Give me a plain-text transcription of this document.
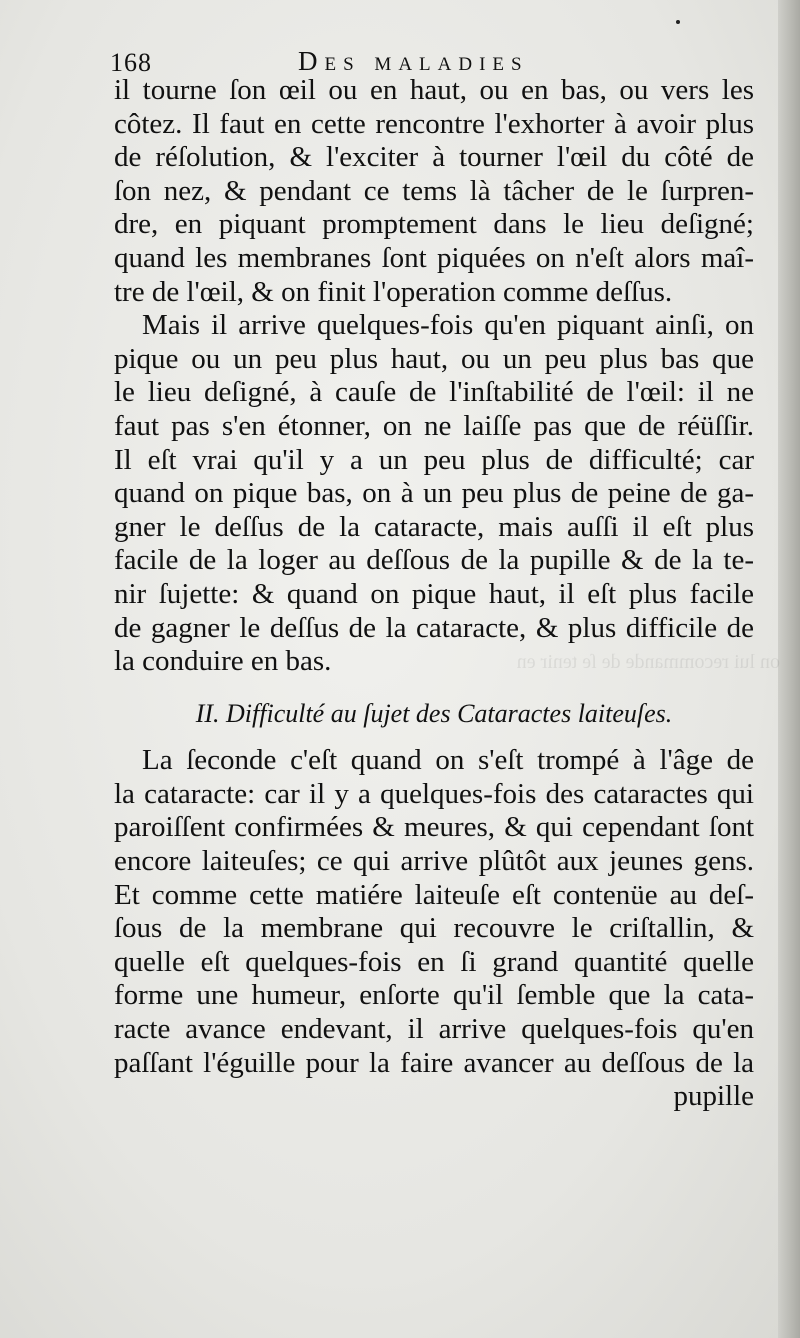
168	Des maladies
on lui recommande de ſe tenir en
il tourne ſon œil ou en haut, ou en bas, ou vers les
côtez. Il faut en cette rencontre l'exhorter à avoir plus
de réſolution, & l'exciter à tourner l'œil du côté de
ſon nez, & pendant ce tems là tâcher de le ſurpren-
dre, en piquant promptement dans le lieu deſigné;
quand les membranes ſont piquées on n'eſt alors maî-
tre de l'œil, & on finit l'operation comme deſſus.
Mais il arrive quelques-fois qu'en piquant ainſi, on
pique ou un peu plus haut, ou un peu plus bas que
le lieu deſigné, à cauſe de l'inſtabilité de l'œil: il ne
faut pas s'en étonner, on ne laiſſe pas que de réüſſir.
Il eſt vrai qu'il y a un peu plus de difficulté; car
quand on pique bas, on à un peu plus de peine de ga-
gner le deſſus de la cataracte, mais auſſi il eſt plus
facile de la loger au deſſous de la pupille & de la te-
nir ſujette: & quand on pique haut, il eſt plus facile
de gagner le deſſus de la cataracte, & plus difficile de
la conduire en bas.
II. Difficulté au ſujet des Cataractes laiteuſes.
La ſeconde c'eſt quand on s'eſt trompé à l'âge de
la cataracte: car il y a quelques-fois des cataractes qui
paroiſſent confirmées & meures, & qui cependant ſont
encore laiteuſes; ce qui arrive plûtôt aux jeunes gens.
Et comme cette matiére laiteuſe eſt contenüe au deſ-
ſous de la membrane qui recouvre le criſtallin, &
quelle eſt quelques-fois en ſi grand quantité quelle
forme une humeur, enſorte qu'il ſemble que la cata-
racte avance endevant, il arrive quelques-fois qu'en
paſſant l'éguille pour la faire avancer au deſſous de la
pupille
